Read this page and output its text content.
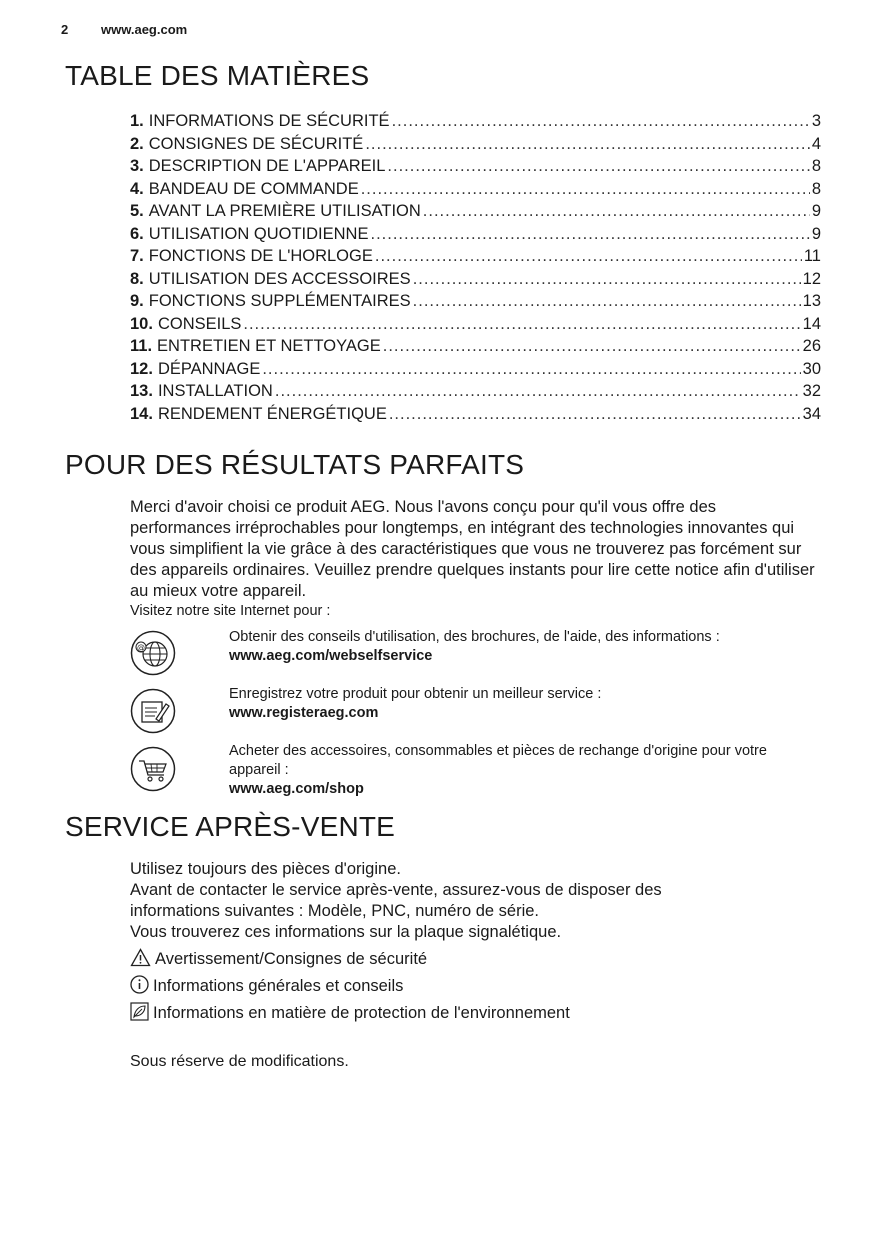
2	www.aeg.com
TABLE DES MATIÈRES
1. INFORMATIONS DE SÉCURITÉ .....	3
2. CONSIGNES DE SÉCURITÉ .....	4
3. DESCRIPTION DE L'APPAREIL .....	8
4. BANDEAU DE COMMANDE .....	8
5. AVANT LA PREMIÈRE UTILISATION .....	9
6. UTILISATION QUOTIDIENNE .....	9
7. FONCTIONS DE L'HORLOGE .....	11
8. UTILISATION DES ACCESSOIRES .....	12
9. FONCTIONS SUPPLÉMENTAIRES .....	13
10. CONSEILS .....	14
11. ENTRETIEN ET NETTOYAGE .....	26
12. DÉPANNAGE .....	30
13. INSTALLATION .....	32
14. RENDEMENT ÉNERGÉTIQUE .....	34
POUR DES RÉSULTATS PARFAITS
Merci d'avoir choisi ce produit AEG. Nous l'avons conçu pour qu'il vous offre des performances irréprochables pour longtemps, en intégrant des technologies innovantes qui vous simplifient la vie grâce à des caractéristiques que vous ne trouverez pas forcément sur des appareils ordinaires. Veuillez prendre quelques instants pour lire cette notice afin d'utiliser au mieux votre appareil.
Visitez notre site Internet pour :
@
Obtenir des conseils d'utilisation, des brochures, de l'aide, des informations :
www.aeg.com/webselfservice
Enregistrez votre produit pour obtenir un meilleur service :
www.registeraeg.com
Acheter des accessoires, consommables et pièces de rechange d'origine pour votre appareil :
www.aeg.com/shop
SERVICE APRÈS-VENTE
Utilisez toujours des pièces d'origine.
Avant de contacter le service après-vente, assurez-vous de disposer des informations suivantes : Modèle, PNC, numéro de série.
Vous trouverez ces informations sur la plaque signalétique.
Avertissement/Consignes de sécurité
Informations générales et conseils
Informations en matière de protection de l'environnement
Sous réserve de modifications.
